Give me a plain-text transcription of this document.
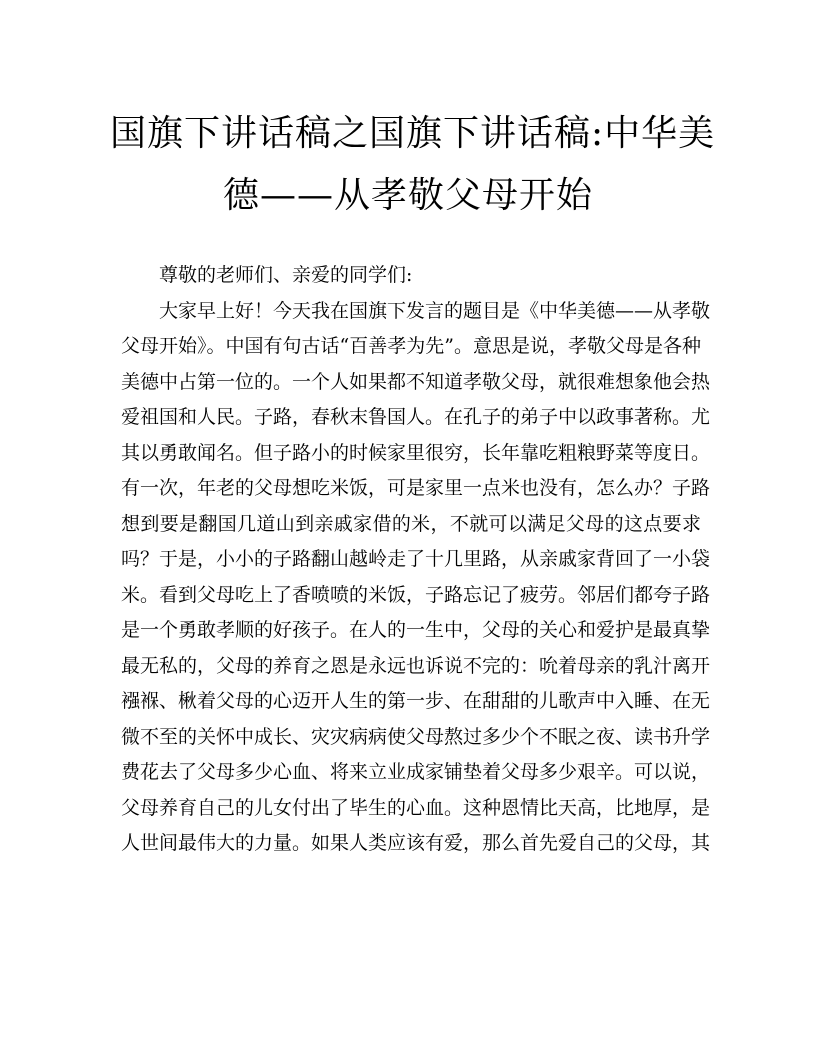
国旗下讲话稿之国旗下讲话稿:中华美
德——从孝敬父母开始
尊敬的老师们、亲爱的同学们:
大家早上好！今天我在国旗下发言的题目是《中华美德——从孝敬
父母开始》。中国有句古话“百善孝为先”。意思是说，孝敬父母是各种
美德中占第一位的。一个人如果都不知道孝敬父母，就很难想象他会热
爱祖国和人民。子路，春秋末鲁国人。在孔子的弟子中以政事著称。尤
其以勇敢闻名。但子路小的时候家里很穷，长年靠吃粗粮野菜等度日。
有一次，年老的父母想吃米饭，可是家里一点米也没有，怎么办？子路
想到要是翻国几道山到亲戚家借的米，不就可以满足父母的这点要求
吗？于是，小小的子路翻山越岭走了十几里路，从亲戚家背回了一小袋
米。看到父母吃上了香喷喷的米饭，子路忘记了疲劳。邻居们都夸子路
是一个勇敢孝顺的好孩子。在人的一生中，父母的关心和爱护是最真挚
最无私的，父母的养育之恩是永远也诉说不完的：吮着母亲的乳汁离开
襁褓、楸着父母的心迈开人生的第一步、在甜甜的儿歌声中入睡、在无
微不至的关怀中成长、灾灾病病使父母熬过多少个不眠之夜、读书升学
费花去了父母多少心血、将来立业成家铺垫着父母多少艰辛。可以说，
父母养育自己的儿女付出了毕生的心血。这种恩情比天高，比地厚，是
人世间最伟大的力量。如果人类应该有爱，那么首先爱自己的父母，其
